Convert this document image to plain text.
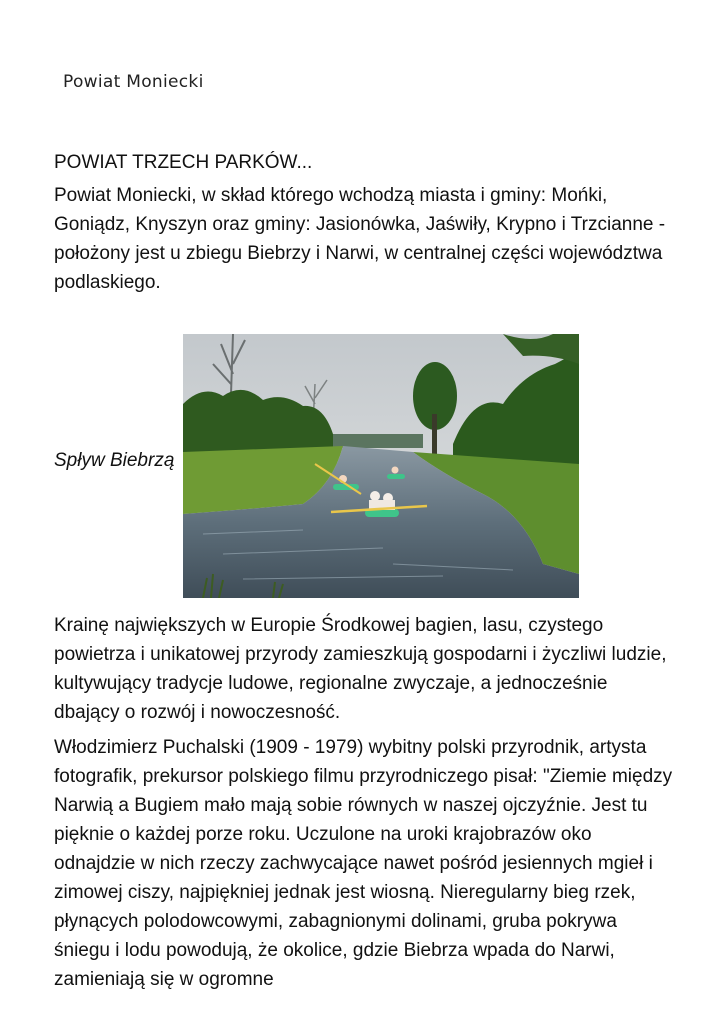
Powiat Moniecki

POWIAT TRZECH PARKÓW...

Powiat Moniecki, w skład którego wchodzą miasta i gminy: Mońki, Goniądz, Knyszyn oraz gminy: Jasionówka, Jaświły, Krypno i Trzcianne - położony jest u zbiegu Biebrzy i Narwi, w centralnej części województwa podlaskiego.

Spływ Biebrzą

Krainę największych w Europie Środkowej bagien, lasu, czystego powietrza i unikatowej przyrody zamieszkują gospodarni i życzliwi ludzie, kultywujący tradycje ludowe, regionalne zwyczaje, a jednocześnie dbający o rozwój i nowoczesność.

Włodzimierz Puchalski (1909 - 1979) wybitny polski przyrodnik, artysta fotografik, prekursor polskiego filmu przyrodniczego pisał: "Ziemie między Narwią a Bugiem mało mają sobie równych w naszej ojczyźnie. Jest tu pięknie o każdej porze roku. Uczulone na uroki krajobrazów oko odnajdzie w nich rzeczy zachwycające nawet pośród jesiennych mgieł i zimowej ciszy, najpiękniej jednak jest wiosną. Nieregularny bieg rzek, płynących polodowcowymi, zabagnionymi dolinami, gruba pokrywa śniegu i lodu powodują, że okolice, gdzie Biebrza wpada do Narwi, zamieniają się w ogromne
